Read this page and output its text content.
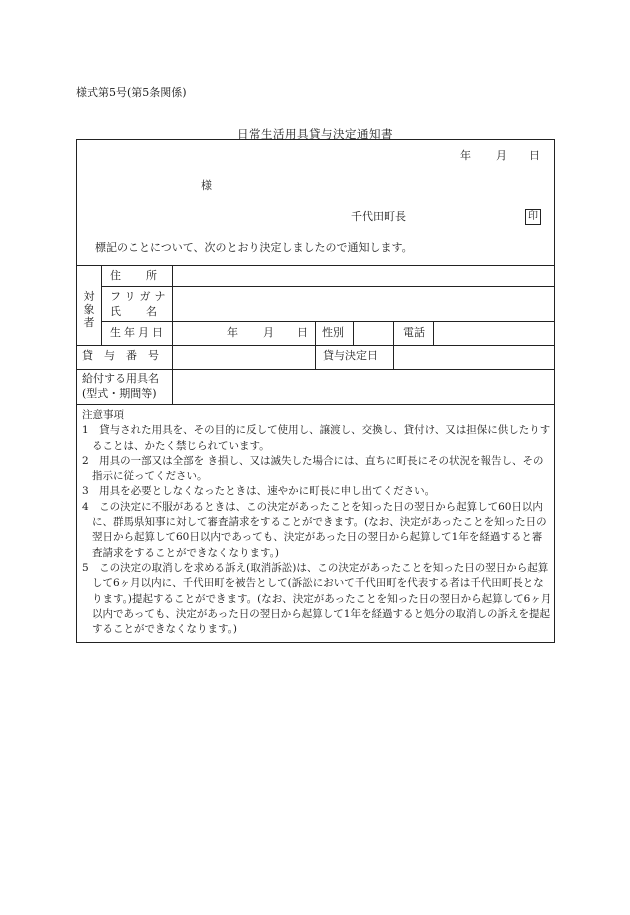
様式第5号(第5条関係)
日常生活用具貸与決定通知書
年 月 日
様
千代田町長	印
標記のことについて、次のとおり決定しましたので通知します。
対
象
者
住　　所
フリガナ
氏　　名
生年月日	年 月 日 性別	電話
貸　与　番　号	貸与決定日
給付する用具名
(型式・期間等)
注意事項

1　貸与された用具を、その目的に反して使用し、譲渡し、交換し、貸付け、又は担保に供したりすることは、かたく禁じられています。

2　用具の一部又は全部を き損し、又は滅失した場合には、直ちに町長にその状況を報告し、その指示に従ってください。

3　用具を必要としなくなったときは、速やかに町長に申し出てください。

4　この決定に不服があるときは、この決定があったことを知った日の翌日から起算して60日以内に、群馬県知事に対して審査請求をすることができます。(なお、決定があったことを知った日の翌日から起算して60日以内であっても、決定があった日の翌日から起算して1年を経過すると審査請求をすることができなくなります。)

5　この決定の取消しを求める訴え(取消訴訟)は、この決定があったことを知った日の翌日から起算して6ヶ月以内に、千代田町を被告として(訴訟において千代田町を代表する者は千代田町長となります。)提起することができます。(なお、決定があったことを知った日の翌日から起算して6ヶ月以内であっても、決定があった日の翌日から起算して1年を経過すると処分の取消しの訴えを提起することができなくなります。)
